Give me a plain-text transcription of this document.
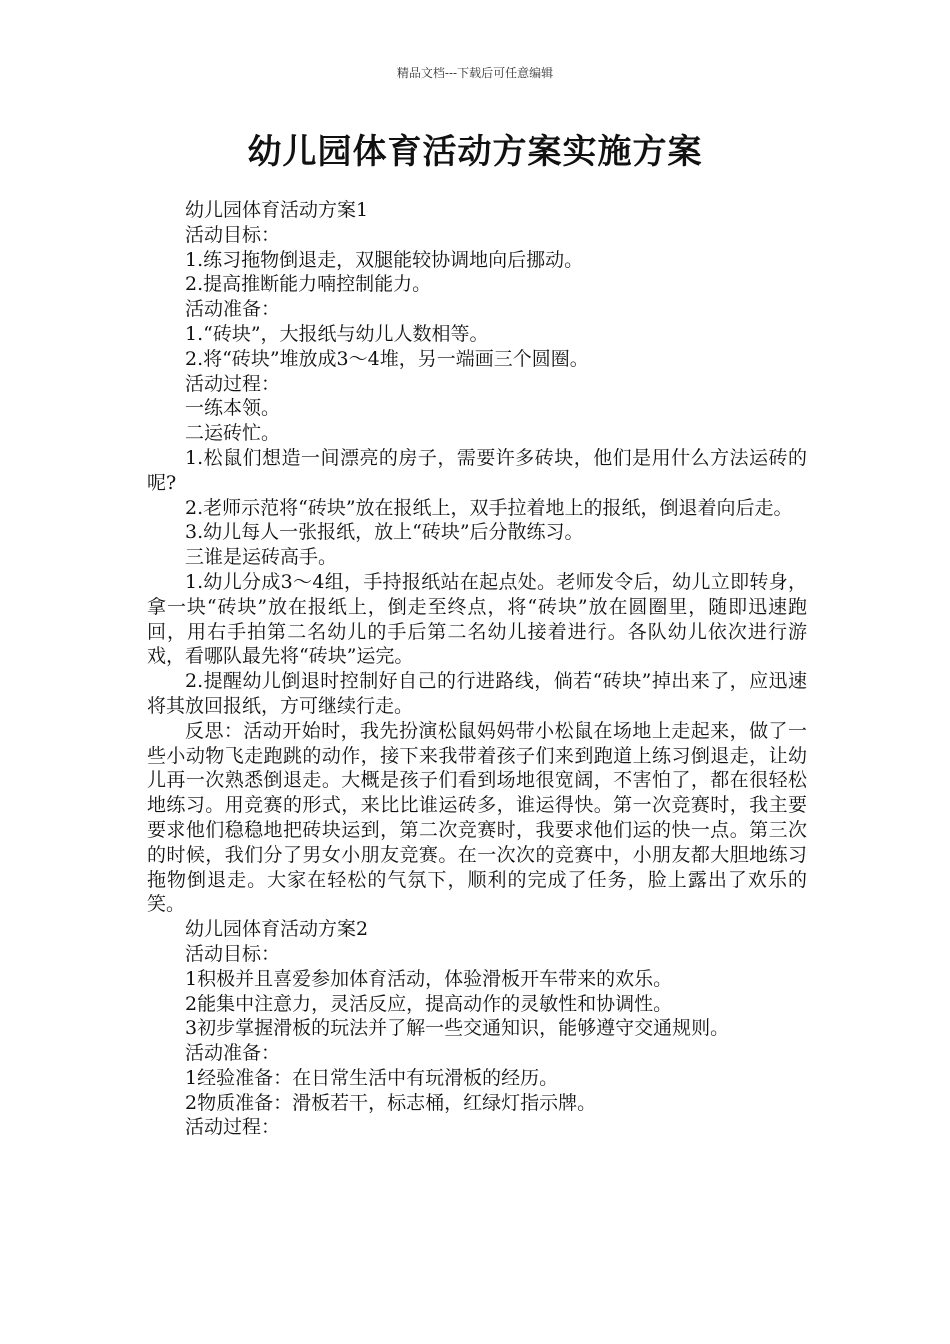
精品文档---下载后可任意编辑
幼儿园体育活动方案实施方案

幼儿园体育活动方案1

活动目标：

1.练习拖物倒退走，双腿能较协调地向后挪动。

2.提高推断能力喃控制能力。

活动准备：

1.“砖块”，大报纸与幼儿人数相等。

2.将“砖块”堆放成3～4堆，另一端画三个圆圈。

活动过程：

一练本领。

二运砖忙。

1.松鼠们想造一间漂亮的房子，需要许多砖块，他们是用什么方法运砖的呢?

2.老师示范将“砖块”放在报纸上，双手拉着地上的报纸，倒退着向后走。

3.幼儿每人一张报纸，放上“砖块”后分散练习。

三谁是运砖高手。

1.幼儿分成3～4组，手持报纸站在起点处。老师发令后，幼儿立即转身，拿一块“砖块”放在报纸上，倒走至终点，将“砖块”放在圆圈里，随即迅速跑回，用右手拍第二名幼儿的手后第二名幼儿接着进行。各队幼儿依次进行游戏，看哪队最先将“砖块”运完。

2.提醒幼儿倒退时控制好自己的行进路线，倘若“砖块”掉出来了，应迅速将其放回报纸，方可继续行走。

反思：活动开始时，我先扮演松鼠妈妈带小松鼠在场地上走起来，做了一些小动物飞走跑跳的动作，接下来我带着孩子们来到跑道上练习倒退走，让幼儿再一次熟悉倒退走。大概是孩子们看到场地很宽阔，不害怕了，都在很轻松地练习。用竞赛的形式，来比比谁运砖多，谁运得快。第一次竞赛时，我主要要求他们稳稳地把砖块运到，第二次竞赛时，我要求他们运的快一点。第三次的时候，我们分了男女小朋友竞赛。在一次次的竞赛中，小朋友都大胆地练习拖物倒退走。大家在轻松的气氛下，顺利的完成了任务，脸上露出了欢乐的笑。

幼儿园体育活动方案2

活动目标：

1积极并且喜爱参加体育活动，体验滑板开车带来的欢乐。

2能集中注意力，灵活反应，提高动作的灵敏性和协调性。

3初步掌握滑板的玩法并了解一些交通知识，能够遵守交通规则。

活动准备：

1经验准备：在日常生活中有玩滑板的经历。

2物质准备：滑板若干，标志桶，红绿灯指示牌。

活动过程：
